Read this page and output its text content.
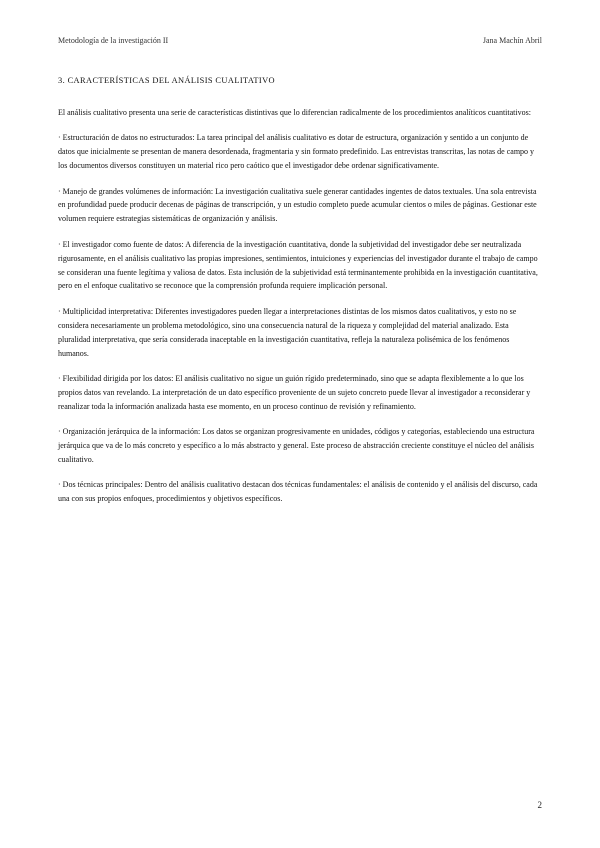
Metodología de la investigación II	Jana Machín Abril
3. CARACTERÍSTICAS DEL ANÁLISIS CUALITATIVO

El análisis cualitativo presenta una serie de características distintivas que lo diferencian radicalmente de los procedimientos analíticos cuantitativos:

· Estructuración de datos no estructurados: La tarea principal del análisis cualitativo es dotar de estructura, organización y sentido a un conjunto de datos que inicialmente se presentan de manera desordenada, fragmentaria y sin formato predefinido. Las entrevistas transcritas, las notas de campo y los documentos diversos constituyen un material rico pero caótico que el investigador debe ordenar significativamente.

· Manejo de grandes volúmenes de información: La investigación cualitativa suele generar cantidades ingentes de datos textuales. Una sola entrevista en profundidad puede producir decenas de páginas de transcripción, y un estudio completo puede acumular cientos o miles de páginas. Gestionar este volumen requiere estrategias sistemáticas de organización y análisis.

· El investigador como fuente de datos: A diferencia de la investigación cuantitativa, donde la subjetividad del investigador debe ser neutralizada rigurosamente, en el análisis cualitativo las propias impresiones, sentimientos, intuiciones y experiencias del investigador durante el trabajo de campo se consideran una fuente legítima y valiosa de datos. Esta inclusión de la subjetividad está terminantemente prohibida en la investigación cuantitativa, pero en el enfoque cualitativo se reconoce que la comprensión profunda requiere implicación personal.

· Multiplicidad interpretativa: Diferentes investigadores pueden llegar a interpretaciones distintas de los mismos datos cualitativos, y esto no se considera necesariamente un problema metodológico, sino una consecuencia natural de la riqueza y complejidad del material analizado. Esta pluralidad interpretativa, que sería considerada inaceptable en la investigación cuantitativa, refleja la naturaleza polisémica de los fenómenos humanos.

· Flexibilidad dirigida por los datos: El análisis cualitativo no sigue un guión rígido predeterminado, sino que se adapta flexiblemente a lo que los propios datos van revelando. La interpretación de un dato específico proveniente de un sujeto concreto puede llevar al investigador a reconsiderar y reanalizar toda la información analizada hasta ese momento, en un proceso continuo de revisión y refinamiento.

· Organización jerárquica de la información: Los datos se organizan progresivamente en unidades, códigos y categorías, estableciendo una estructura jerárquica que va de lo más concreto y específico a lo más abstracto y general. Este proceso de abstracción creciente constituye el núcleo del análisis cualitativo.

· Dos técnicas principales: Dentro del análisis cualitativo destacan dos técnicas fundamentales: el análisis de contenido y el análisis del discurso, cada una con sus propios enfoques, procedimientos y objetivos específicos.

2
